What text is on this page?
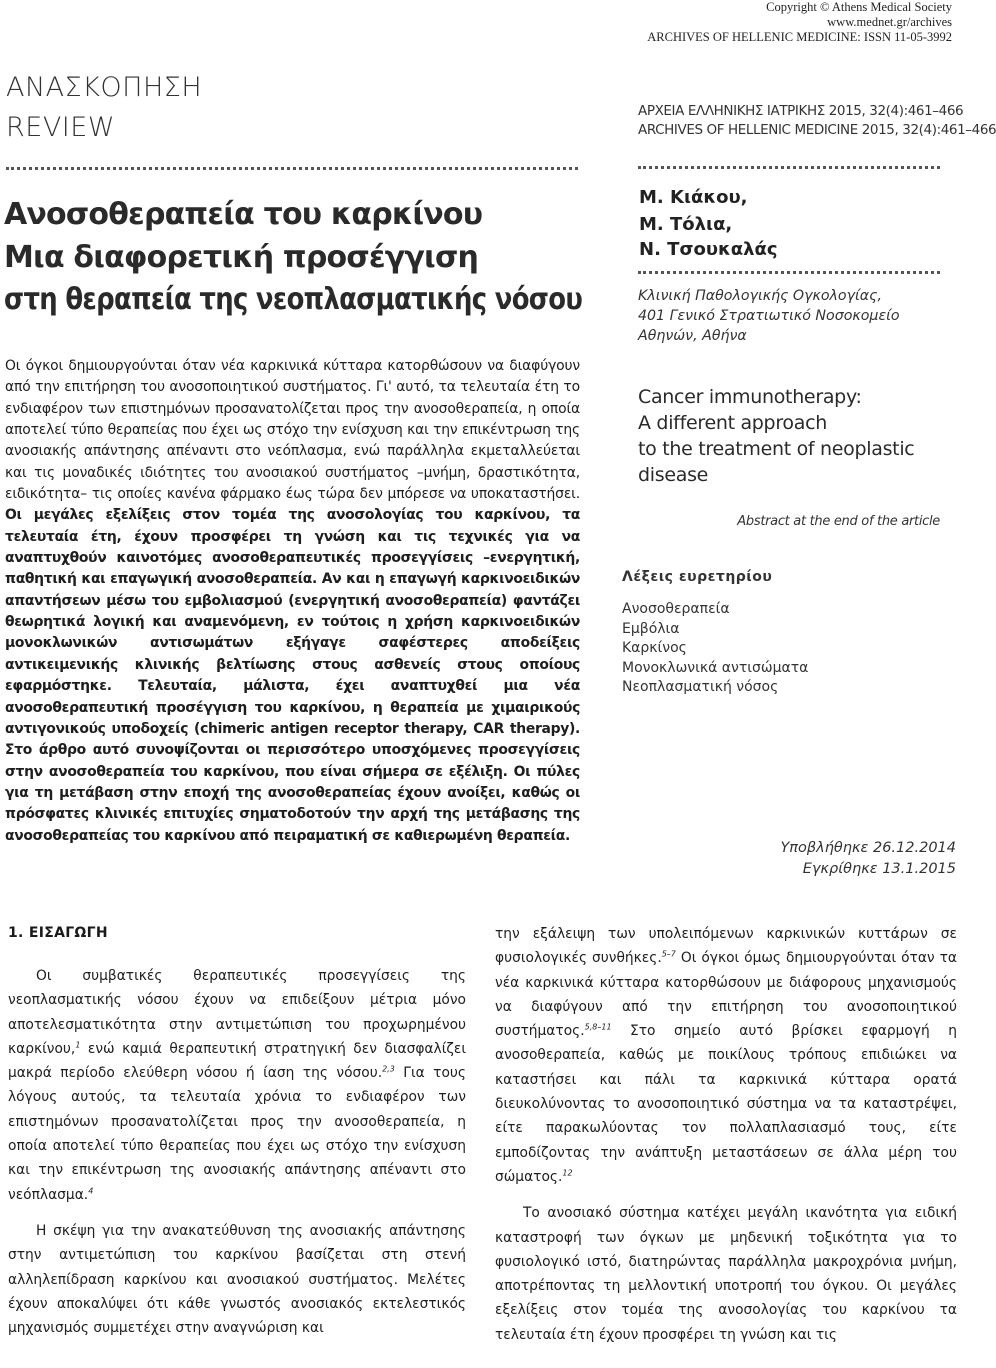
Copyright © Athens Medical Society
www.mednet.gr/archives
ARCHIVES OF HELLENIC MEDICINE: ISSN 11-05-3992
ΑΝΑΣΚΟΠΗΣΗ
REVIEW
Ανοσοθεραπεία του καρκίνου
Μια διαφορετική προσέγγιση
στη θεραπεία της νεοπλασματικής νόσου
Οι όγκοι δημιουργούνται όταν νέα καρκινικά κύτταρα κατορθώσουν να διαφύγουν από την επιτήρηση του ανοσοποιητικού συστήματος. Γι' αυτό, τα τελευταία έτη το ενδιαφέρον των επιστημόνων προσανατολίζεται προς την ανοσοθεραπεία, η οποία αποτελεί τύπο θεραπείας που έχει ως στόχο την ενίσχυση και την επικέντρωση της ανοσιακής απάντησης απέναντι στο νεόπλασμα, ενώ παράλληλα εκμεταλλεύεται και τις μοναδικές ιδιότητες του ανοσιακού συστήματος –μνήμη, δραστικότητα, ειδικότητα– τις οποίες κανένα φάρμακο έως τώρα δεν μπόρεσε να υποκαταστήσει. Οι μεγάλες εξελίξεις στον τομέα της ανοσολογίας του καρκίνου, τα τελευταία έτη, έχουν προσφέρει τη γνώση και τις τεχνικές για να αναπτυχθούν καινοτόμες ανοσοθεραπευτικές προσεγγίσεις –ενεργητική, παθητική και επαγωγική ανοσοθεραπεία. Αν και η επαγωγή καρκινοειδικών απαντήσεων μέσω του εμβολιασμού (ενεργητική ανοσοθεραπεία) φαντάζει θεωρητικά λογική και αναμενόμενη, εν τούτοις η χρήση καρκινοειδικών μονοκλωνικών αντισωμάτων εξήγαγε σαφέστερες αποδείξεις αντικειμενικής κλινικής βελτίωσης στους ασθενείς στους οποίους εφαρμόστηκε. Τελευταία, μάλιστα, έχει αναπτυχθεί μια νέα ανοσοθεραπευτική προσέγγιση του καρκίνου, η θεραπεία με χιμαιρικούς αντιγονικούς υποδοχείς (chimeric antigen receptor therapy, CAR therapy). Στο άρθρο αυτό συνοψίζονται οι περισσότερο υποσχόμενες προσεγγίσεις στην ανοσοθεραπεία του καρκίνου, που είναι σήμερα σε εξέλιξη. Οι πύλες για τη μετάβαση στην εποχή της ανοσοθεραπείας έχουν ανοίξει, καθώς οι πρόσφατες κλινικές επιτυχίες σηματοδοτούν την αρχή της μετάβασης της ανοσοθεραπείας του καρκίνου από πειραματική σε καθιερωμένη θεραπεία.
ΑΡΧΕΙΑ ΕΛΛΗΝΙΚΗΣ ΙΑΤΡΙΚΗΣ 2015, 32(4):461–466
ARCHIVES OF HELLENIC MEDICINE 2015, 32(4):461–466
Μ. Κιάκου,
Μ. Τόλια,
Ν. Τσουκαλάς
Κλινική Παθολογικής Ογκολογίας,
401 Γενικό Στρατιωτικό Νοσοκομείο
Αθηνών, Αθήνα
Cancer immunotherapy:
A different approach
to the treatment of neoplastic
disease
Abstract at the end of the article
Λέξεις ευρετηρίου
Ανοσοθεραπεία
Εμβόλια
Καρκίνος
Μονοκλωνικά αντισώματα
Νεοπλασματική νόσος
Υποβλήθηκε 26.12.2014
Εγκρίθηκε 13.1.2015
1. ΕΙΣΑΓΩΓΗ

Οι συμβατικές θεραπευτικές προσεγγίσεις της νεοπλασματικής νόσου έχουν να επιδείξουν μέτρια μόνο αποτελεσματικότητα στην αντιμετώπιση του προχωρημένου καρκίνου,$^1$ ενώ καμιά θεραπευτική στρατηγική δεν διασφαλίζει μακρά περίοδο ελεύθερη νόσου ή ίαση της νόσου.$^{2,3}$ Για τους λόγους αυτούς, τα τελευταία χρόνια το ενδιαφέρον των επιστημόνων προσανατολίζεται προς την ανοσοθεραπεία, η οποία αποτελεί τύπο θεραπείας που έχει ως στόχο την ενίσχυση και την επικέντρωση της ανοσιακής απάντησης απέναντι στο νεόπλασμα.$^4$

Η σκέψη για την ανακατεύθυνση της ανοσιακής απάντησης στην αντιμετώπιση του καρκίνου βασίζεται στη στενή αλληλεπίδραση καρκίνου και ανοσιακού συστήματος. Μελέτες έχουν αποκαλύψει ότι κάθε γνωστός ανοσιακός εκτελεστικός μηχανισμός συμμετέχει στην αναγνώριση και

την εξάλειψη των υπολειπόμενων καρκινικών κυττάρων σε φυσιολογικές συνθήκες.$^{5-7}$ Οι όγκοι όμως δημιουργούνται όταν τα νέα καρκινικά κύτταρα κατορθώσουν με διάφορους μηχανισμούς να διαφύγουν από την επιτήρηση του ανοσοποιητικού συστήματος.$^{5,8-11}$ Στο σημείο αυτό βρίσκει εφαρμογή η ανοσοθεραπεία, καθώς με ποικίλους τρόπους επιδιώκει να καταστήσει και πάλι τα καρκινικά κύτταρα ορατά διευκολύνοντας το ανοσοποιητικό σύστημα να τα καταστρέψει, είτε παρακωλύοντας τον πολλαπλασιασμό τους, είτε εμποδίζοντας την ανάπτυξη μεταστάσεων σε άλλα μέρη του σώματος.$^{12}$

Το ανοσιακό σύστημα κατέχει μεγάλη ικανότητα για ειδική καταστροφή των όγκων με μηδενική τοξικότητα για το φυσιολογικό ιστό, διατηρώντας παράλληλα μακροχρόνια μνήμη, αποτρέποντας τη μελλοντική υποτροπή του όγκου. Οι μεγάλες εξελίξεις στον τομέα της ανοσολογίας του καρκίνου τα τελευταία έτη έχουν προσφέρει τη γνώση και τις
